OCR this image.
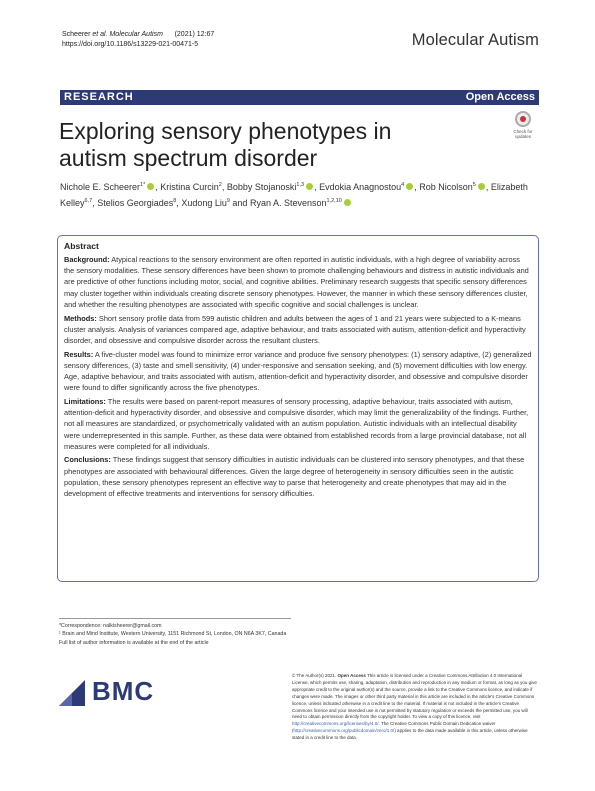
Scheerer et al. Molecular Autism (2021) 12:67
https://doi.org/10.1186/s13229-021-00471-5	Molecular Autism
RESEARCH	Open Access
Exploring sensory phenotypes in autism spectrum disorder
Check for
updates
Nichole E. Scheerer$^{1*}$ , Kristina Curcin$^2$, Bobby Stojanoski$^{1,3}$ , Evdokia Anagnostou$^4$ , Rob Nicolson$^5$ , Elizabeth Kelley$^{6,7}$, Stelios Georgiades$^8$, Xudong Liu$^9$ and Ryan A. Stevenson$^{1,2,10}$
Abstract

Background: Atypical reactions to the sensory environment are often reported in autistic individuals, with a high degree of variability across the sensory modalities. These sensory differences have been shown to promote challenging behaviours and distress in autistic individuals and are predictive of other functions including motor, social, and cognitive abilities. Preliminary research suggests that specific sensory differences may cluster together within individuals creating discrete sensory phenotypes. However, the manner in which these sensory differences cluster, and whether the resulting phenotypes are associated with specific cognitive and social challenges is unclear.

Methods: Short sensory profile data from 599 autistic children and adults between the ages of 1 and 21 years were subjected to a K-means cluster analysis. Analysis of variances compared age, adaptive behaviour, and traits associated with autism, attention-deficit and hyperactivity disorder, and obsessive and compulsive disorder across the resultant clusters.

Results: A five-cluster model was found to minimize error variance and produce five sensory phenotypes: (1) sensory adaptive, (2) generalized sensory differences, (3) taste and smell sensitivity, (4) under-responsive and sensation seeking, and (5) movement difficulties with low energy. Age, adaptive behaviour, and traits associated with autism, attention-deficit and hyperactivity disorder, and obsessive and compulsive disorder were found to differ significantly across the five phenotypes.

Limitations: The results were based on parent-report measures of sensory processing, adaptive behaviour, traits associated with autism, attention-deficit and hyperactivity disorder, and obsessive and compulsive disorder, which may limit the generalizability of the findings. Further, not all measures are standardized, or psychometrically validated with an autism population. Autistic individuals with an intellectual disability were underrepresented in this sample. Further, as these data were obtained from established records from a large provincial database, not all measures were completed for all individuals.

Conclusions: These findings suggest that sensory difficulties in autistic individuals can be clustered into sensory phenotypes, and that these phenotypes are associated with behavioural differences. Given the large degree of heterogeneity in sensory difficulties seen in the autistic population, these sensory phenotypes represent an effective way to parse that heterogeneity and create phenotypes that may aid in the development of effective treatments and interventions for sensory difficulties.

*Correspondence: nalkisheerer@gmail.com
¹ Brain and Mind Institute, Western University, 1151 Richmond St, London, ON N6A 3K7, Canada
Full list of author information is available at the end of the article
BMC
© The Author(s) 2021. Open Access This article is licensed under a Creative Commons Attribution 4.0 International License, which permits use, sharing, adaptation, distribution and reproduction in any medium or format, as long as you give appropriate credit to the original author(s) and the source, provide a link to the Creative Commons licence, and indicate if changes were made. The images or other third party material in this article are included in the article's Creative Commons licence, unless indicated otherwise in a credit line to the material. If material is not included in the article's Creative Commons licence and your intended use is not permitted by statutory regulation or exceeds the permitted use, you will need to obtain permission directly from the copyright holder. To view a copy of this licence, visit http://creativecommons.org/licenses/by/4.0/. The Creative Commons Public Domain Dedication waiver (http://creativecommons.org/publicdomain/zero/1.0/) applies to the data made available in this article, unless otherwise stated in a credit line to the data.
